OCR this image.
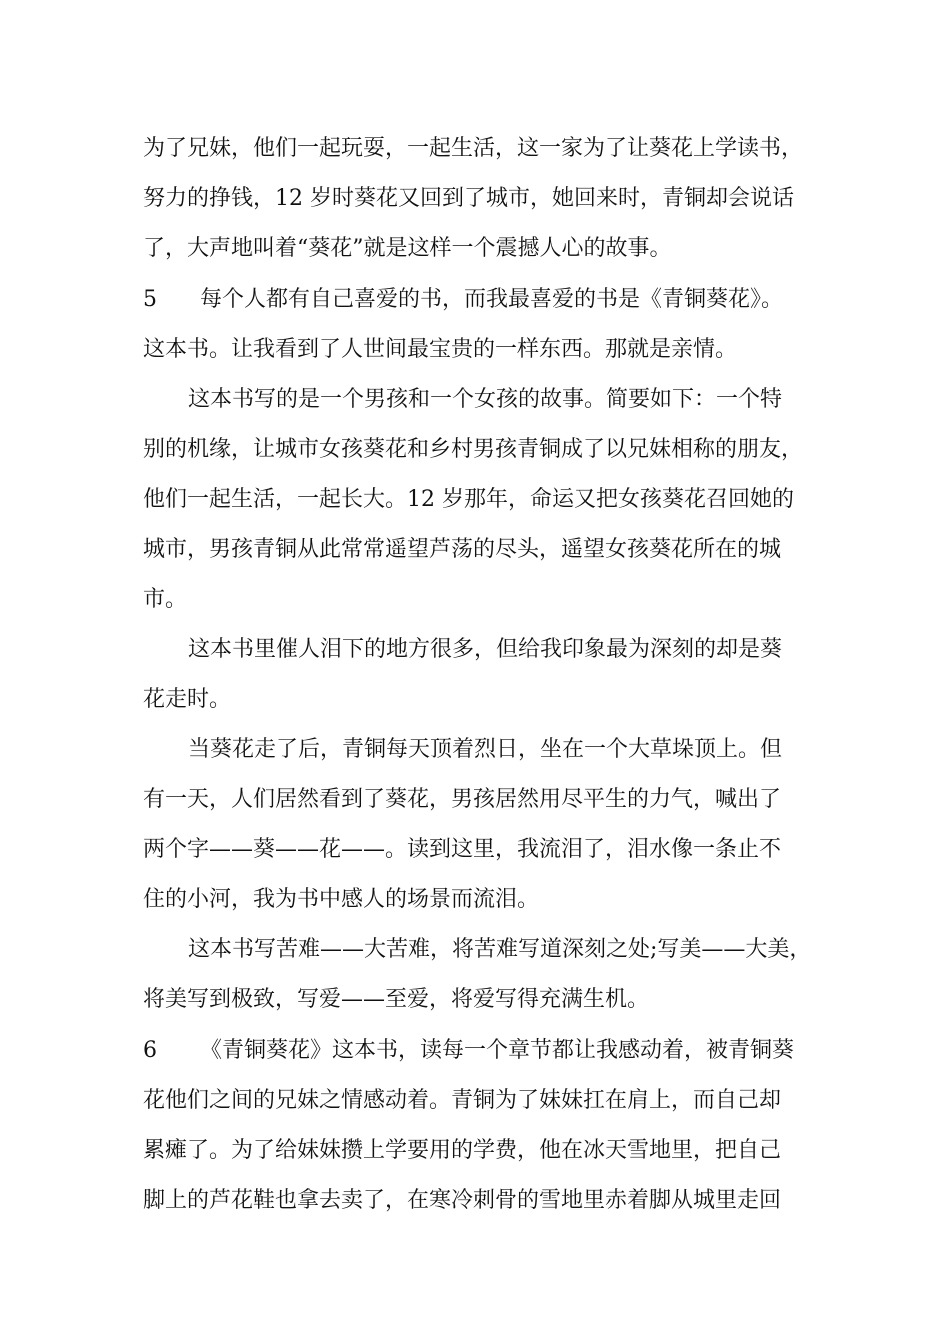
为了兄妹，他们一起玩耍，一起生活，这一家为了让葵花上学读书，
努力的挣钱，12 岁时葵花又回到了城市，她回来时，青铜却会说话
了，大声地叫着“葵花”就是这样一个震撼人心的故事。
5 每个人都有自己喜爱的书，而我最喜爱的书是《青铜葵花》。
这本书。让我看到了人世间最宝贵的一样东西。那就是亲情。
这本书写的是一个男孩和一个女孩的故事。简要如下：一个特
别的机缘，让城市女孩葵花和乡村男孩青铜成了以兄妹相称的朋友，
他们一起生活，一起长大。12 岁那年，命运又把女孩葵花召回她的
城市，男孩青铜从此常常遥望芦荡的尽头，遥望女孩葵花所在的城
市。
这本书里催人泪下的地方很多，但给我印象最为深刻的却是葵
花走时。
当葵花走了后，青铜每天顶着烈日，坐在一个大草垛顶上。但
有一天，人们居然看到了葵花，男孩居然用尽平生的力气，喊出了
两个字——葵——花——。读到这里，我流泪了，泪水像一条止不
住的小河，我为书中感人的场景而流泪。
这本书写苦难——大苦难，将苦难写道深刻之处;写美——大美，
将美写到极致，写爱——至爱，将爱写得充满生机。
6 《青铜葵花》这本书，读每一个章节都让我感动着，被青铜葵
花他们之间的兄妹之情感动着。青铜为了妹妹扛在肩上，而自己却
累瘫了。为了给妹妹攒上学要用的学费，他在冰天雪地里，把自己
脚上的芦花鞋也拿去卖了，在寒冷刺骨的雪地里赤着脚从城里走回
